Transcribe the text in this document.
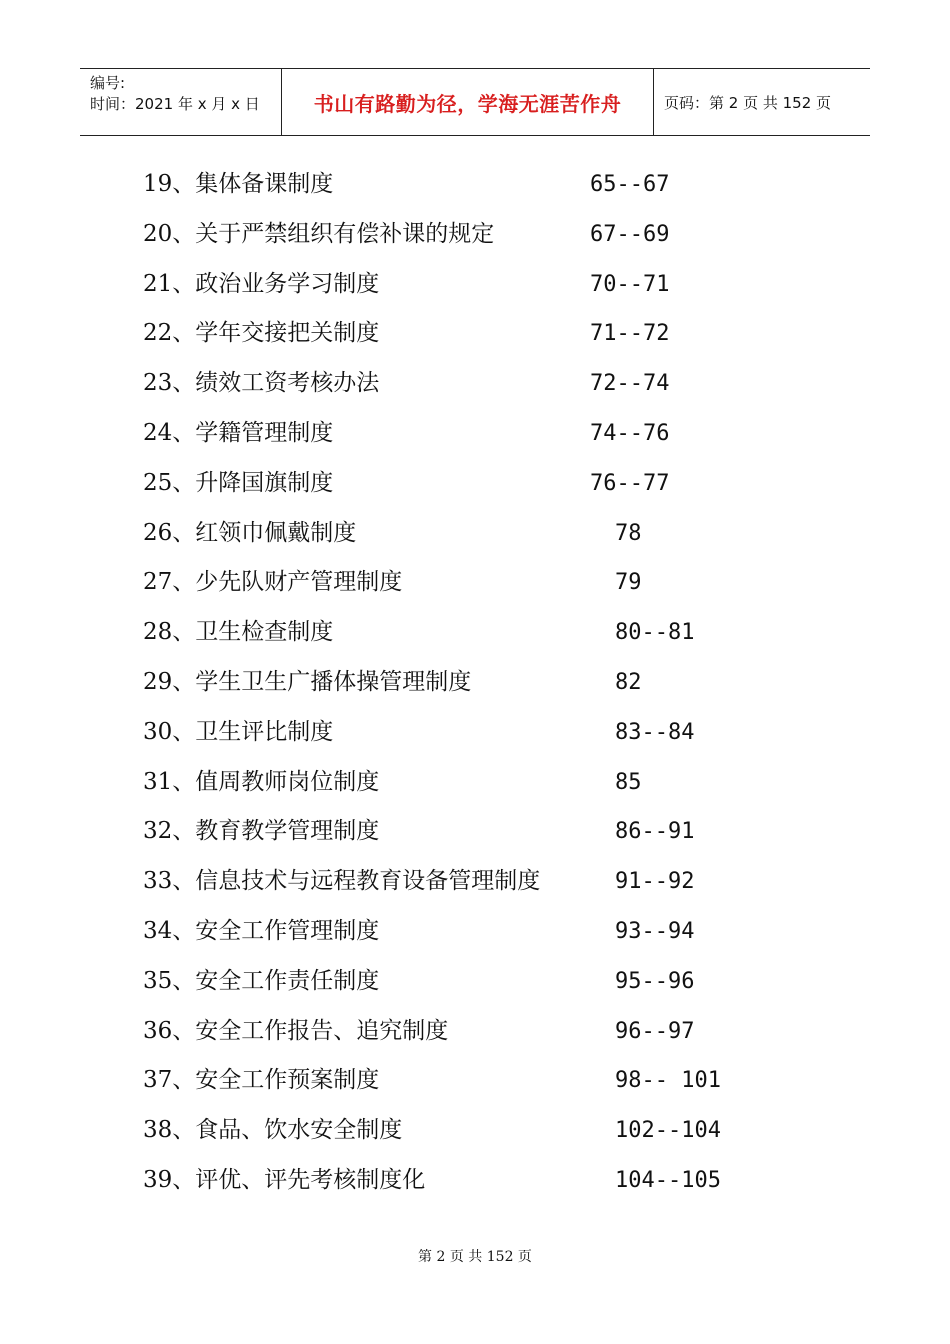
编号:
时间：2021 年 x 月 x 日	书山有路勤为径，学海无涯苦作舟	页码：第 2 页 共 152 页
19、集体备课制度	65--67
20、关于严禁组织有偿补课的规定	67--69
21、政治业务学习制度	70--71
22、学年交接把关制度	71--72
23、绩效工资考核办法	72--74
24、学籍管理制度	74--76
25、升降国旗制度	76--77
26、红领巾佩戴制度	78
27、少先队财产管理制度	79
28、卫生检查制度	80--81
29、学生卫生广播体操管理制度	82
30、卫生评比制度	83--84
31、值周教师岗位制度	85
32、教育教学管理制度	86--91
33、信息技术与远程教育设备管理制度	91--92
34、安全工作管理制度	93--94
35、安全工作责任制度	95--96
36、安全工作报告、追究制度	96--97
37、安全工作预案制度	98-- 101
38、食品、饮水安全制度	102--104
39、评优、评先考核制度化	104--105
第 2 页 共 152 页
